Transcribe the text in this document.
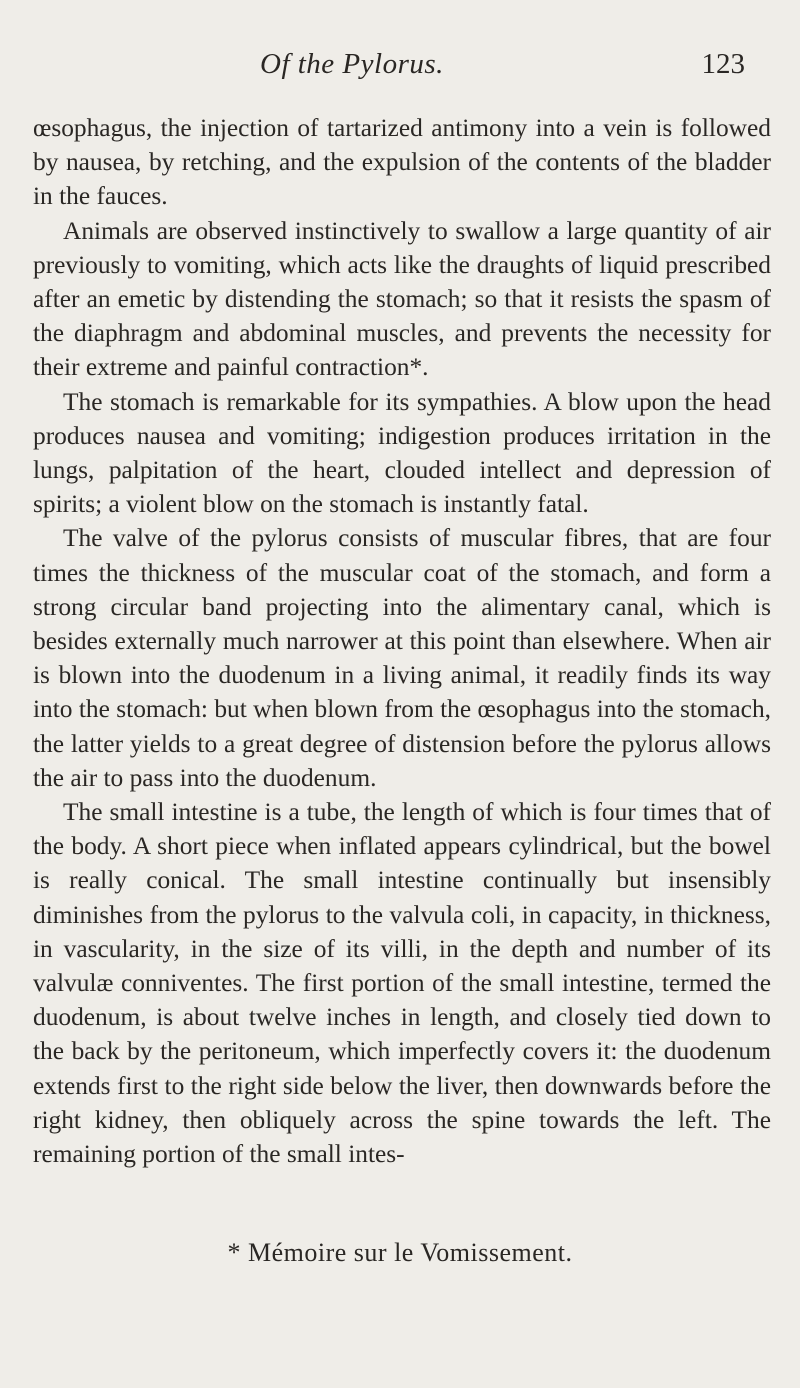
Of the Pylorus.	123

œsophagus, the injection of tartarized antimony into a vein is followed by nausea, by retching, and the expulsion of the contents of the bladder in the fauces.

Animals are observed instinctively to swallow a large quantity of air previously to vomiting, which acts like the draughts of liquid prescribed after an emetic by distending the stomach; so that it resists the spasm of the diaphragm and abdominal muscles, and prevents the necessity for their extreme and painful contraction*.

The stomach is remarkable for its sympathies. A blow upon the head produces nausea and vomiting; indigestion produces irritation in the lungs, palpitation of the heart, clouded intellect and depression of spirits; a violent blow on the stomach is instantly fatal.

The valve of the pylorus consists of muscular fibres, that are four times the thickness of the muscular coat of the stomach, and form a strong circular band projecting into the alimentary canal, which is besides externally much narrower at this point than elsewhere. When air is blown into the duodenum in a living animal, it readily finds its way into the stomach: but when blown from the œsophagus into the stomach, the latter yields to a great degree of distension before the pylorus allows the air to pass into the duodenum.

The small intestine is a tube, the length of which is four times that of the body. A short piece when inflated appears cylindrical, but the bowel is really conical. The small intestine continually but insensibly diminishes from the pylorus to the valvula coli, in capacity, in thickness, in vascularity, in the size of its villi, in the depth and number of its valvulæ conniventes. The first portion of the small intestine, termed the duodenum, is about twelve inches in length, and closely tied down to the back by the peritoneum, which imperfectly covers it: the duodenum extends first to the right side below the liver, then downwards before the right kidney, then obliquely across the spine towards the left. The remaining portion of the small intes-

* Mémoire sur le Vomissement.
